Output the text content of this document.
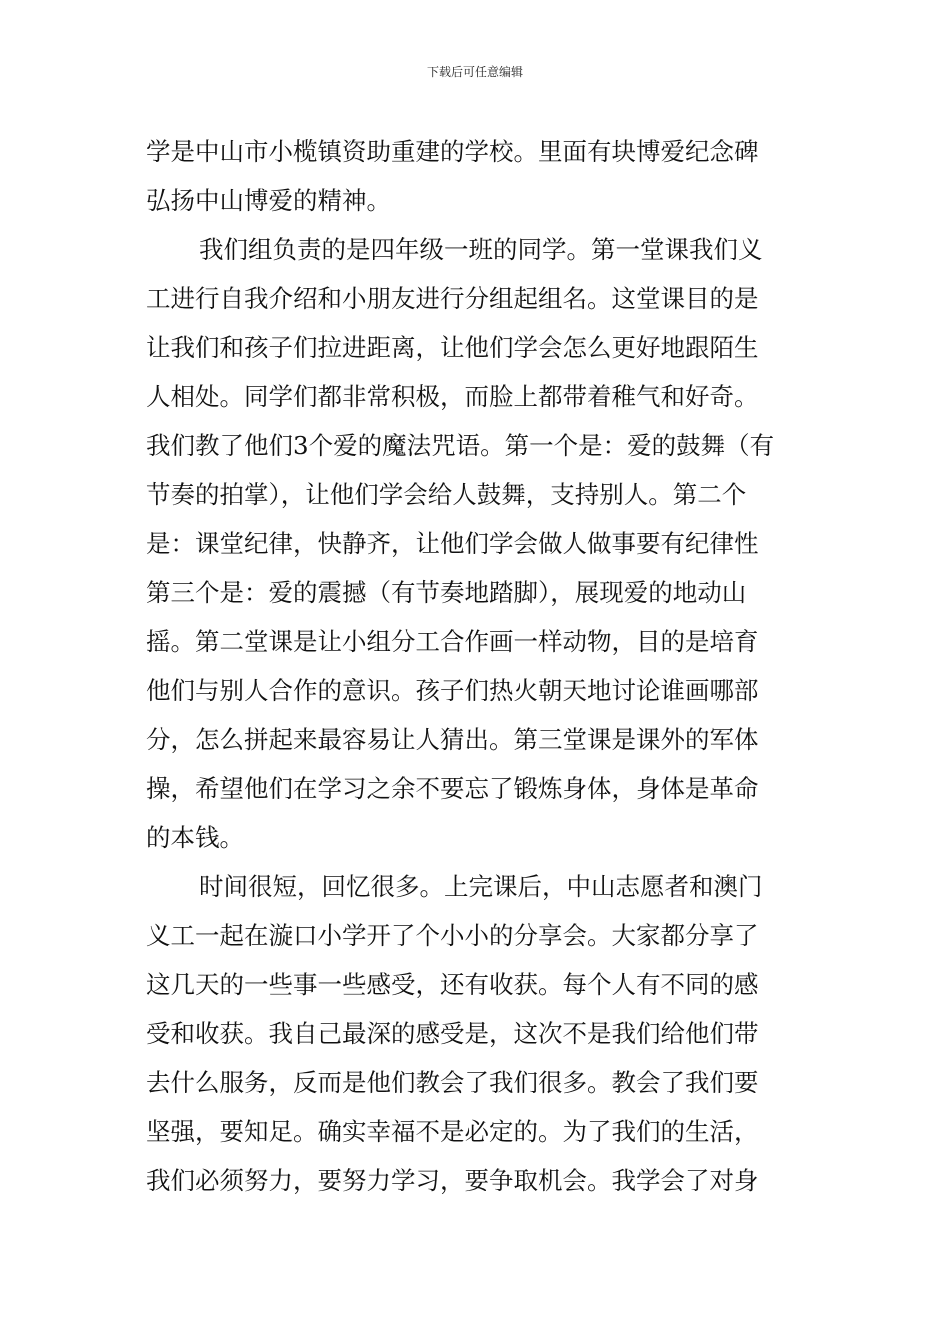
下载后可任意编辑
学是中山市小榄镇资助重建的学校。里面有块博爱纪念碑
弘扬中山博爱的精神。
我们组负责的是四年级一班的同学。第一堂课我们义
工进行自我介绍和小朋友进行分组起组名。这堂课目的是
让我们和孩子们拉进距离，让他们学会怎么更好地跟陌生
人相处。同学们都非常积极，而脸上都带着稚气和好奇。
我们教了他们3个爱的魔法咒语。第一个是：爱的鼓舞（有
节奏的拍掌），让他们学会给人鼓舞，支持别人。第二个
是：课堂纪律，快静齐，让他们学会做人做事要有纪律性
第三个是：爱的震撼（有节奏地踏脚），展现爱的地动山
摇。第二堂课是让小组分工合作画一样动物，目的是培育
他们与别人合作的意识。孩子们热火朝天地讨论谁画哪部
分，怎么拼起来最容易让人猜出。第三堂课是课外的军体
操，希望他们在学习之余不要忘了锻炼身体，身体是革命
的本钱。
时间很短，回忆很多。上完课后，中山志愿者和澳门
义工一起在漩口小学开了个小小的分享会。大家都分享了
这几天的一些事一些感受，还有收获。每个人有不同的感
受和收获。我自己最深的感受是，这次不是我们给他们带
去什么服务，反而是他们教会了我们很多。教会了我们要
坚强，要知足。确实幸福不是必定的。为了我们的生活，
我们必须努力，要努力学习，要争取机会。我学会了对身
